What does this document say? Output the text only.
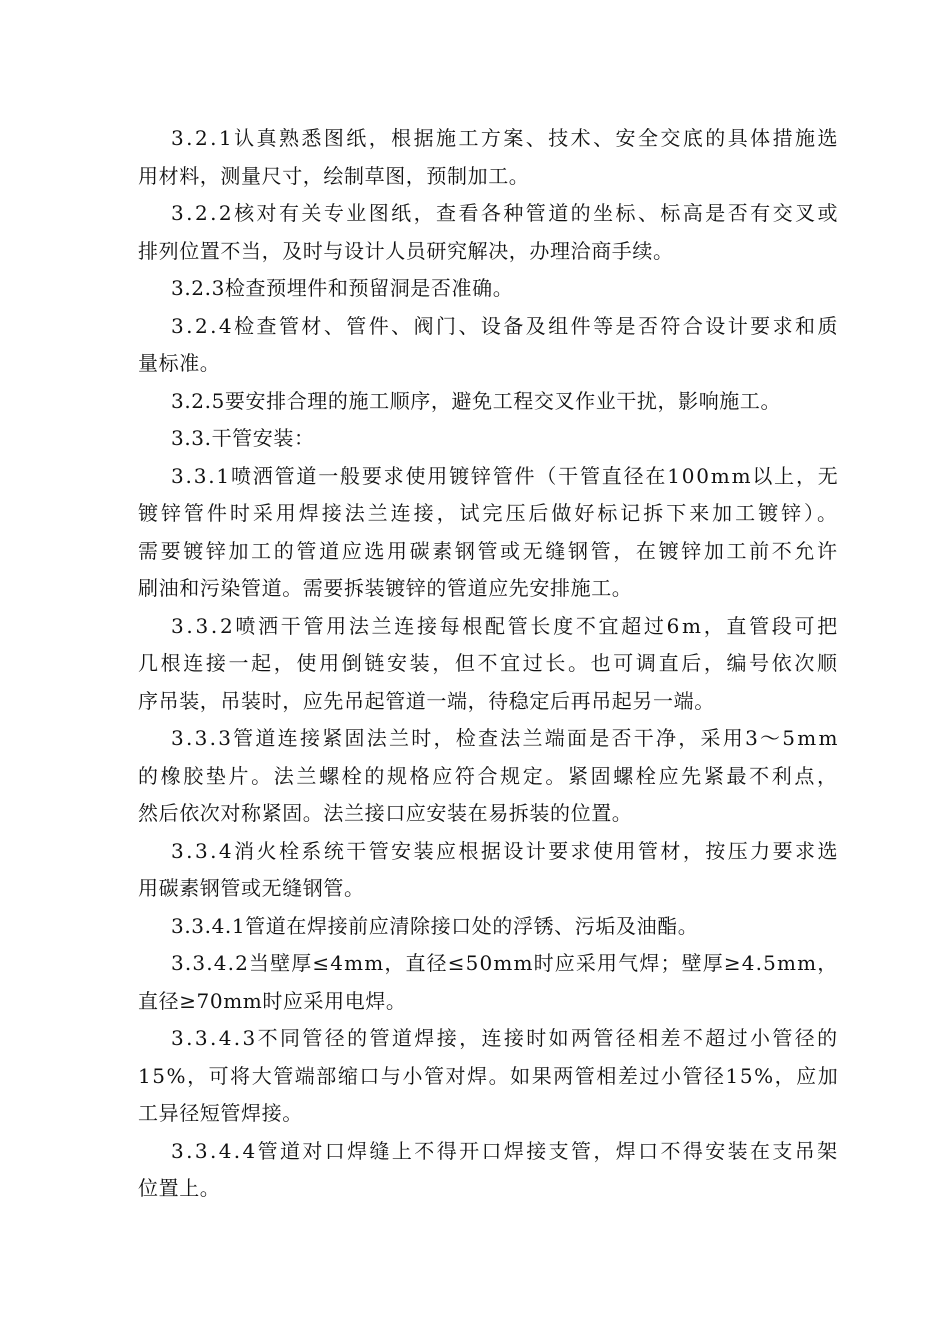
3.2.1认真熟悉图纸，根据施工方案、技术、安全交底的具体措施选
用材料，测量尺寸，绘制草图，预制加工。

3.2.2核对有关专业图纸，查看各种管道的坐标、标高是否有交叉或
排列位置不当，及时与设计人员研究解决，办理洽商手续。

3.2.3检查预埋件和预留洞是否准确。

3.2.4检查管材、管件、阀门、设备及组件等是否符合设计要求和质
量标准。

3.2.5要安排合理的施工顺序，避免工程交叉作业干扰，影响施工。

3.3.干管安装：

3.3.1喷洒管道一般要求使用镀锌管件（干管直径在100mm以上，无
镀锌管件时采用焊接法兰连接，试完压后做好标记拆下来加工镀锌）。
需要镀锌加工的管道应选用碳素钢管或无缝钢管，在镀锌加工前不允许
刷油和污染管道。需要拆装镀锌的管道应先安排施工。

3.3.2喷洒干管用法兰连接每根配管长度不宜超过6m，直管段可把
几根连接一起，使用倒链安装，但不宜过长。也可调直后，编号依次顺
序吊装，吊装时，应先吊起管道一端，待稳定后再吊起另一端。

3.3.3管道连接紧固法兰时，检查法兰端面是否干净，采用3～5mm
的橡胶垫片。法兰螺栓的规格应符合规定。紧固螺栓应先紧最不利点，
然后依次对称紧固。法兰接口应安装在易拆装的位置。

3.3.4消火栓系统干管安装应根据设计要求使用管材，按压力要求选
用碳素钢管或无缝钢管。

3.3.4.1管道在焊接前应清除接口处的浮锈、污垢及油酯。

3.3.4.2当壁厚≤4mm，直径≤50mm时应采用气焊；壁厚≥4.5mm，
直径≥70mm时应采用电焊。

3.3.4.3不同管径的管道焊接，连接时如两管径相差不超过小管径的
15%，可将大管端部缩口与小管对焊。如果两管相差过小管径15%，应加
工异径短管焊接。

3.3.4.4管道对口焊缝上不得开口焊接支管，焊口不得安装在支吊架
位置上。
